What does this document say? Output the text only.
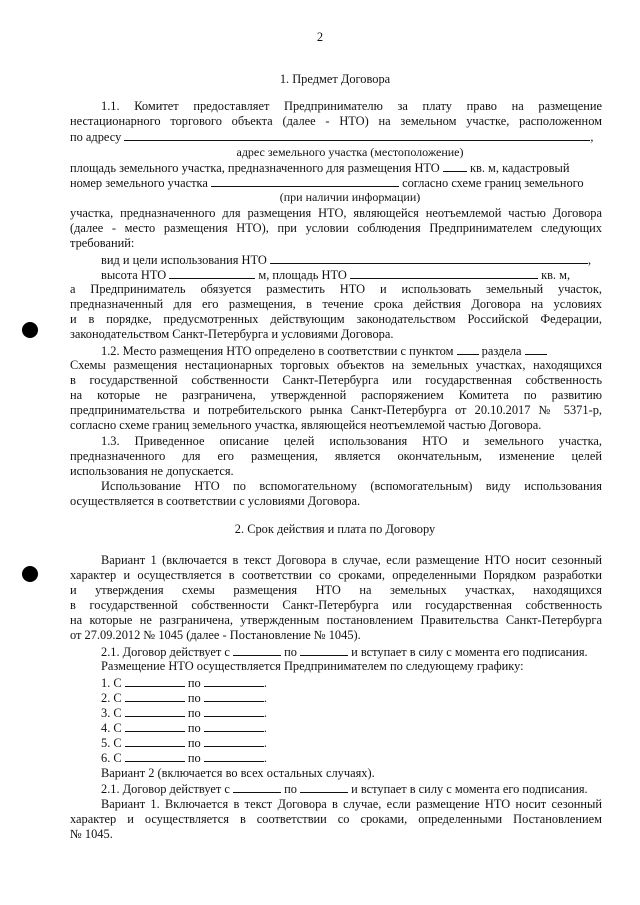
2
1. Предмет Договора
1.1. Комитет предоставляет Предпринимателю за плату право на размещение
нестационарного торгового объекта (далее - НТО) на земельном участке, расположенном
по адресу	,
адрес земельного участка (местоположение)
площадь земельного участка, предназначенного для размещения НТО кв. м, кадастровый
номер земельного участка	согласно схеме границ земельного
(при наличии информации)
участка, предназначенного для размещения НТО, являющейся неотъемлемой частью Договора
(далее - место размещения НТО), при условии соблюдения Предпринимателем следующих
требований:
вид и цели использования НТО	,
высота НТО	м, площадь НТО	кв. м,
а Предприниматель обязуется разместить НТО и использовать земельный участок,
предназначенный для его размещения, в течение срока действия Договора на условиях
и в порядке, предусмотренных действующим законодательством Российской Федерации,
законодательством Санкт-Петербурга и условиями Договора.
1.2. Место размещения НТО определено в соответствии с пунктом раздела
Схемы размещения нестационарных торговых объектов на земельных участках, находящихся
в государственной собственности Санкт-Петербурга или государственная собственность
на которые не разграничена, утвержденной распоряжением Комитета по развитию
предпринимательства и потребительского рынка Санкт-Петербурга от 20.10.2017 № 5371-р,
согласно схеме границ земельного участка, являющейся неотъемлемой частью Договора.
1.3. Приведенное описание целей использования НТО и земельного участка,
предназначенного для его размещения, является окончательным, изменение целей
использования не допускается.
Использование НТО по вспомогательному (вспомогательным) виду использования
осуществляется в соответствии с условиями Договора.
2. Срок действия и плата по Договору
Вариант 1 (включается в текст Договора в случае, если размещение НТО носит сезонный
характер и осуществляется в соответствии со сроками, определенными Порядком разработки
и утверждения схемы размещения НТО на земельных участках, находящихся
в государственной собственности Санкт-Петербурга или государственная собственность
на которые не разграничена, утвержденным постановлением Правительства Санкт-Петербурга
от 27.09.2012 № 1045 (далее - Постановление № 1045).
2.1. Договор действует с	по	и вступает в силу с момента его подписания.
Размещение НТО осуществляется Предпринимателем по следующему графику:
1. С	по	.
2. С	по	.
3. С	по	.
4. С	по	.
5. С	по	.
6. С	по	.
Вариант 2 (включается во всех остальных случаях).
2.1. Договор действует с	по	и вступает в силу с момента его подписания.
Вариант 1. Включается в текст Договора в случае, если размещение НТО носит сезонный
характер и осуществляется в соответствии со сроками, определенными Постановлением
№ 1045.
